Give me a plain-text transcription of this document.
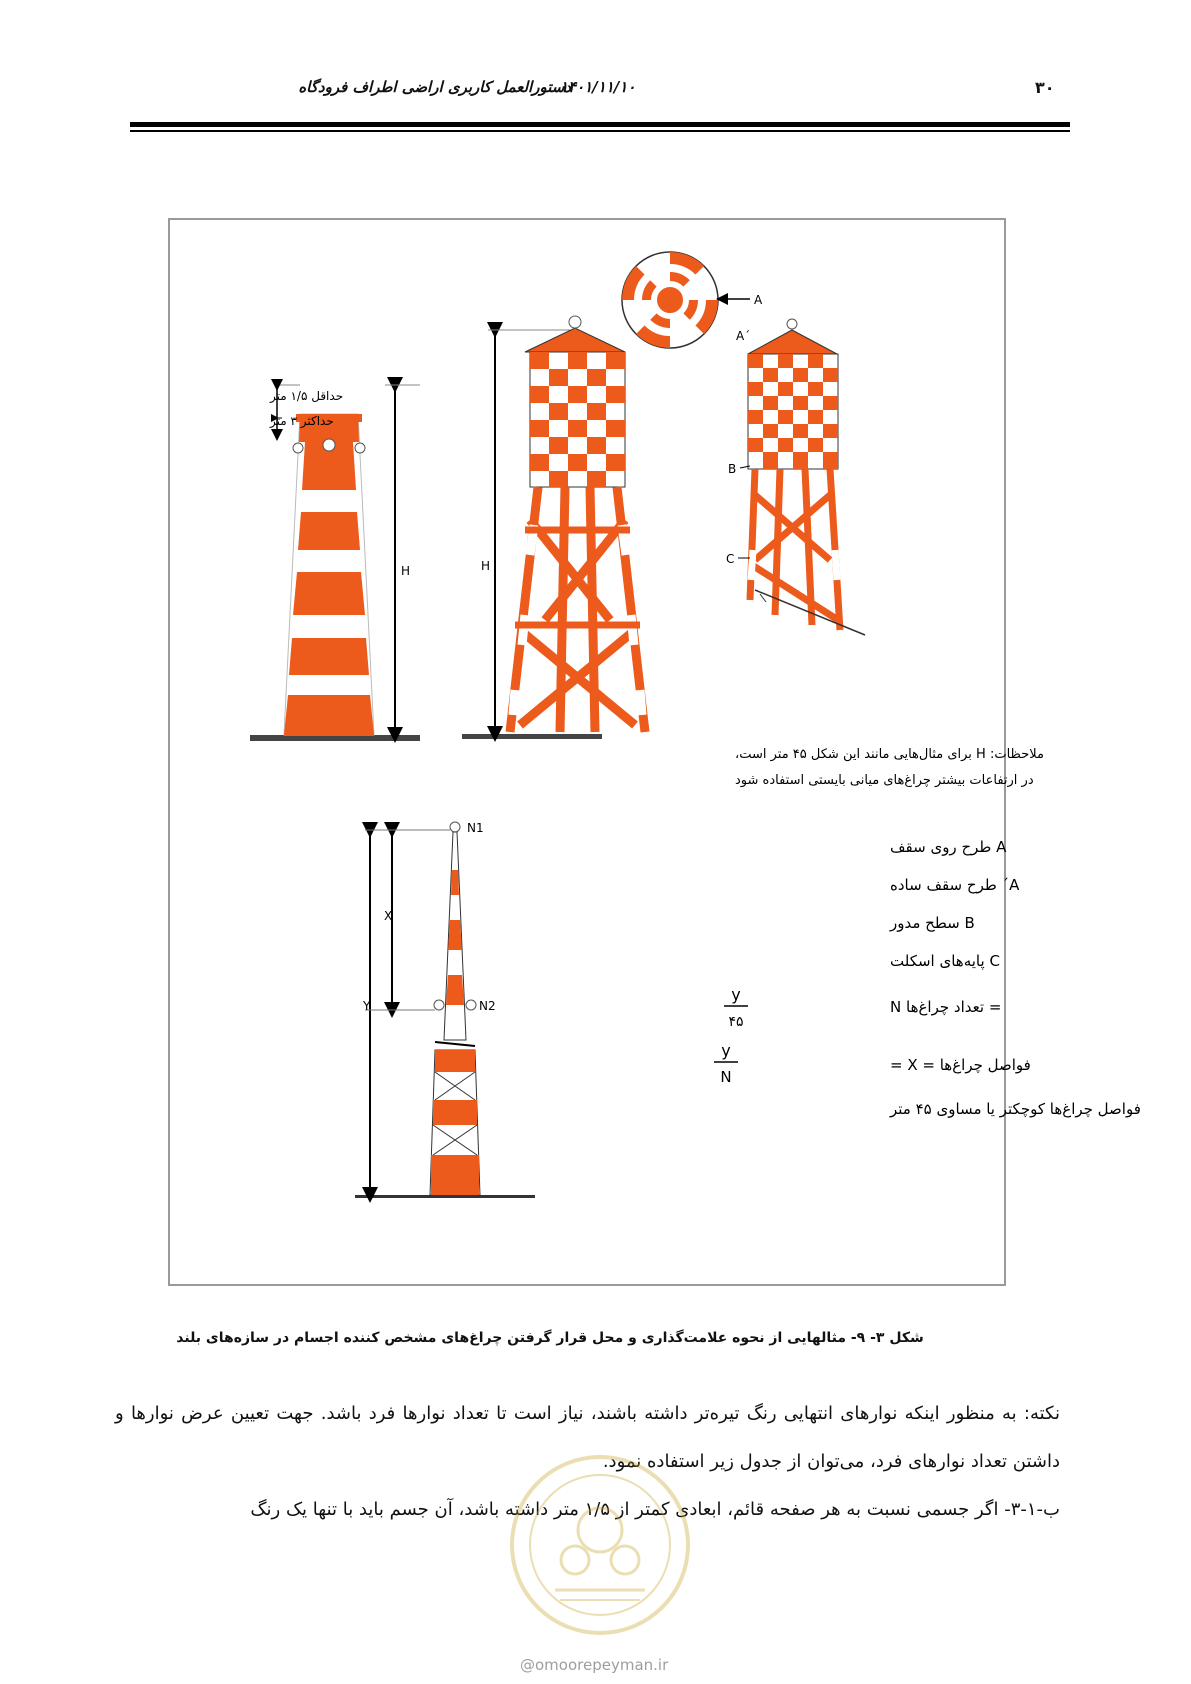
دستورالعمل کاربری اراضی اطراف فرودگاه
۱۴۰۱/۱۱/۱۰	۳۰
حداقل ۱/۵ متر
حداکثر ۳ متر
H	H
A
A´
B
C
ملاحظات: H برای مثال‌هایی مانند این شکل ۴۵ متر است،
در ارتفاعات بیشتر چراغ‌های میانی بایستی استفاده شود
Y
X
N1
N2
A طرح روی سقف
A´ طرح سقف ساده
B سطح مدور
C پایه‌های اسکلت
= تعداد چراغ‌ها N
y
۴۵
فواصل چراغ‌ها = X =
y
N
فواصل چراغ‌ها کوچکتر یا مساوی ۴۵ متر
شکل ۳- ۹- مثالهایی از نحوه علامت‌گذاری و محل قرار گرفتن چراغ‌های مشخص کننده اجسام در سازه‌های بلند
نکته: به منظور اینکه نوارهای انتهایی رنگ تیره‌تر داشته باشند، نیاز است تا تعداد نوارها فرد باشد. جهت تعیین عرض نوارها و داشتن تعداد نوارهای فرد، می‌توان از جدول زیر استفاده نمود.
ب-۱-۳- اگر جسمی نسبت به هر صفحه قائم، ابعادی کمتر از ۱/۵ متر داشته باشد، آن جسم باید با تنها یک رنگ
@omoorepeyman.ir
